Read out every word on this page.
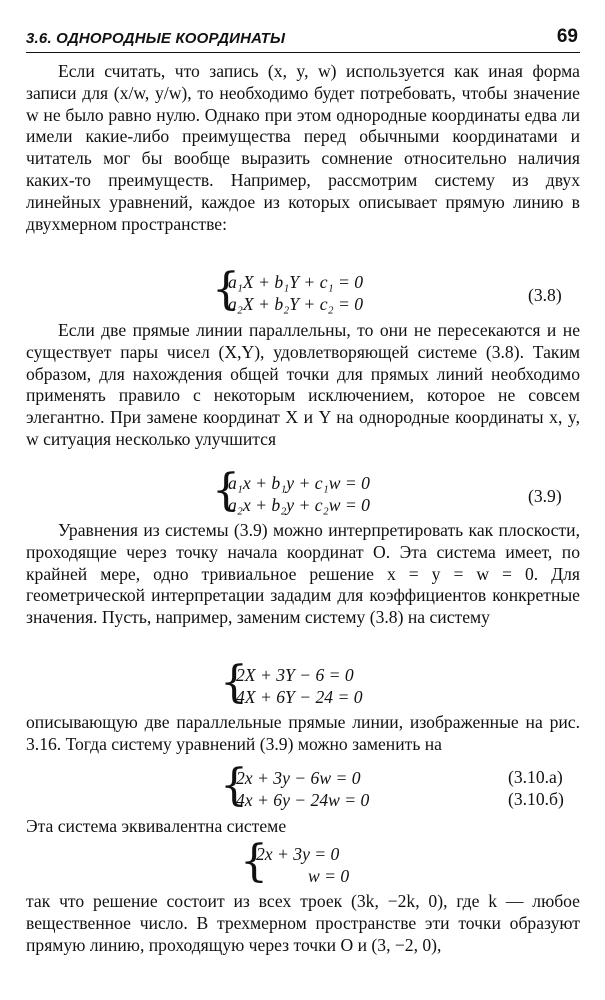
3.6. ОДНОРОДНЫЕ КООРДИНАТЫ	69

Если считать, что запись (x, y, w) используется как иная форма записи для (x/w, y/w), то необходимо будет потребовать, чтобы значение w не было равно нулю. Однако при этом однородные координаты едва ли имели какие-либо преимущества перед обычными координатами и читатель мог бы вообще выразить сомнение относительно наличия каких-то преимуществ. Например, рассмотрим систему из двух линейных уравнений, каждое из которых описывает прямую линию в двухмерном пространстве:

{
a₁X + b₁Y + c₁ = 0
a₂X + b₂Y + c₂ = 0	(3.8)

Если две прямые линии параллельны, то они не пересекаются и не существует пары чисел (X,Y), удовлетворяющей системе (3.8). Таким образом, для нахождения общей точки для прямых линий необходимо применять правило с некоторым исключением, которое не совсем элегантно. При замене координат X и Y на однородные координаты x, y, w ситуация несколько улучшится

{
a₁x + b₁y + c₁w = 0
a₂x + b₂y + c₂w = 0	(3.9)

Уравнения из системы (3.9) можно интерпретировать как плоскости, проходящие через точку начала координат О. Эта система имеет, по крайней мере, одно тривиальное решение x = y = w = 0. Для геометрической интерпретации зададим для коэффициентов конкретные значения. Пусть, например, заменим систему (3.8) на систему

{
2X + 3Y − 6 = 0
4X + 6Y − 24 = 0

описывающую две параллельные прямые линии, изображенные на рис. 3.16. Тогда систему уравнений (3.9) можно заменить на

{
2x + 3y − 6w = 0
4x + 6y − 24w = 0
(3.10.а)
(3.10.б)

Эта система эквивалентна системе

{
2x + 3y = 0
w = 0

так что решение состоит из всех троек (3k, −2k, 0), где k — любое вещественное число. В трехмерном пространстве эти точки образуют прямую линию, проходящую через точки О и (3, −2, 0),
